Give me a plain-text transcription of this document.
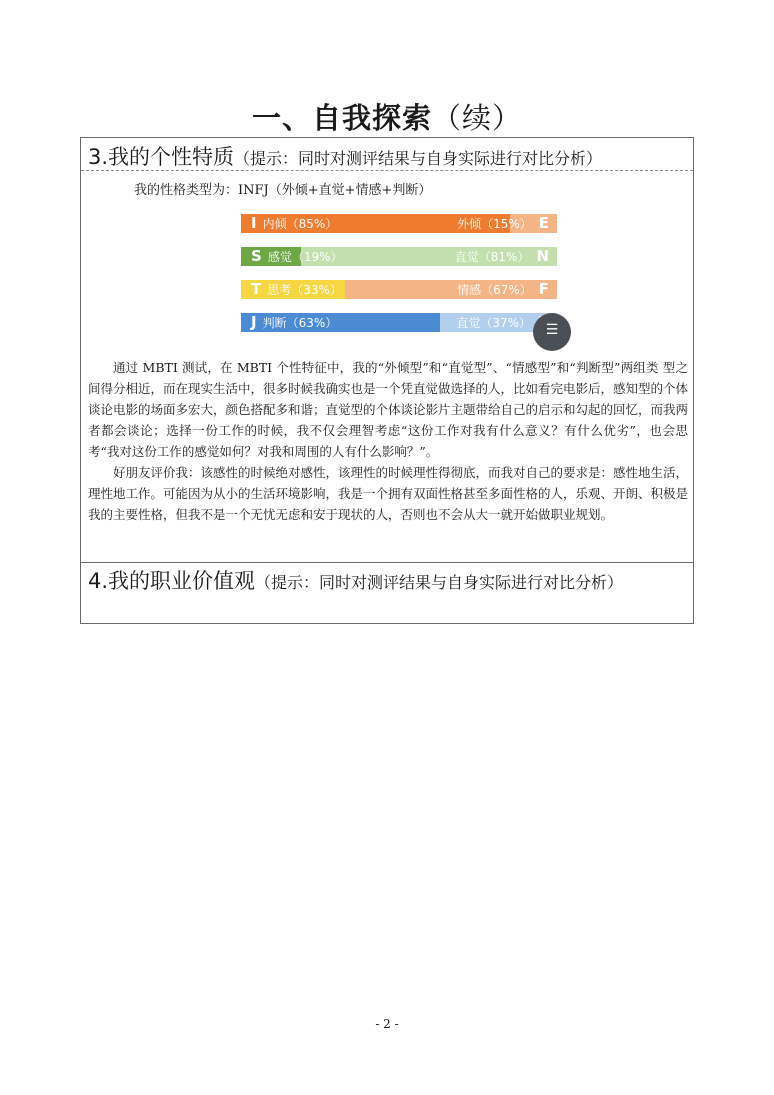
一、自我探索（续）
3.我的个性特质（提示：同时对测评结果与自身实际进行对比分析）
我的性格类型为：INFJ（外倾+直觉+情感+判断）
I 内倾（85%）	外倾（15%） E
S 感觉（19%）	直觉（81%） N
T 思考（33%）	情感（67%） F
J 判断（63%）	直觉（37%）	☰

通过 MBTI 测试，在 MBTI 个性特征中，我的“外倾型”和“直觉型”、“情感型”和“判断型”两组类 型之间得分相近，而在现实生活中，很多时候我确实也是一个凭直觉做选择的人，比如看完电影后，感知型的个体谈论电影的场面多宏大，颜色搭配多和谐；直觉型的个体谈论影片主题带给自己的启示和勾起的回忆，而我两者都会谈论；选择一份工作的时候，我不仅会理智考虑“这份工作对我有什么意义？有什么优劣”，也会思考“我对这份工作的感觉如何？对我和周围的人有什么影响？”。

好朋友评价我：该感性的时候绝对感性，该理性的时候理性得彻底，而我对自己的要求是：感性地生活，理性地工作。可能因为从小的生活环境影响，我是一个拥有双面性格甚至多面性格的人，乐观、开朗、积极是我的主要性格，但我不是一个无忧无虑和安于现状的人，否则也不会从大一就开始做职业规划。

4.我的职业价值观（提示：同时对测评结果与自身实际进行对比分析）
- 2 -
